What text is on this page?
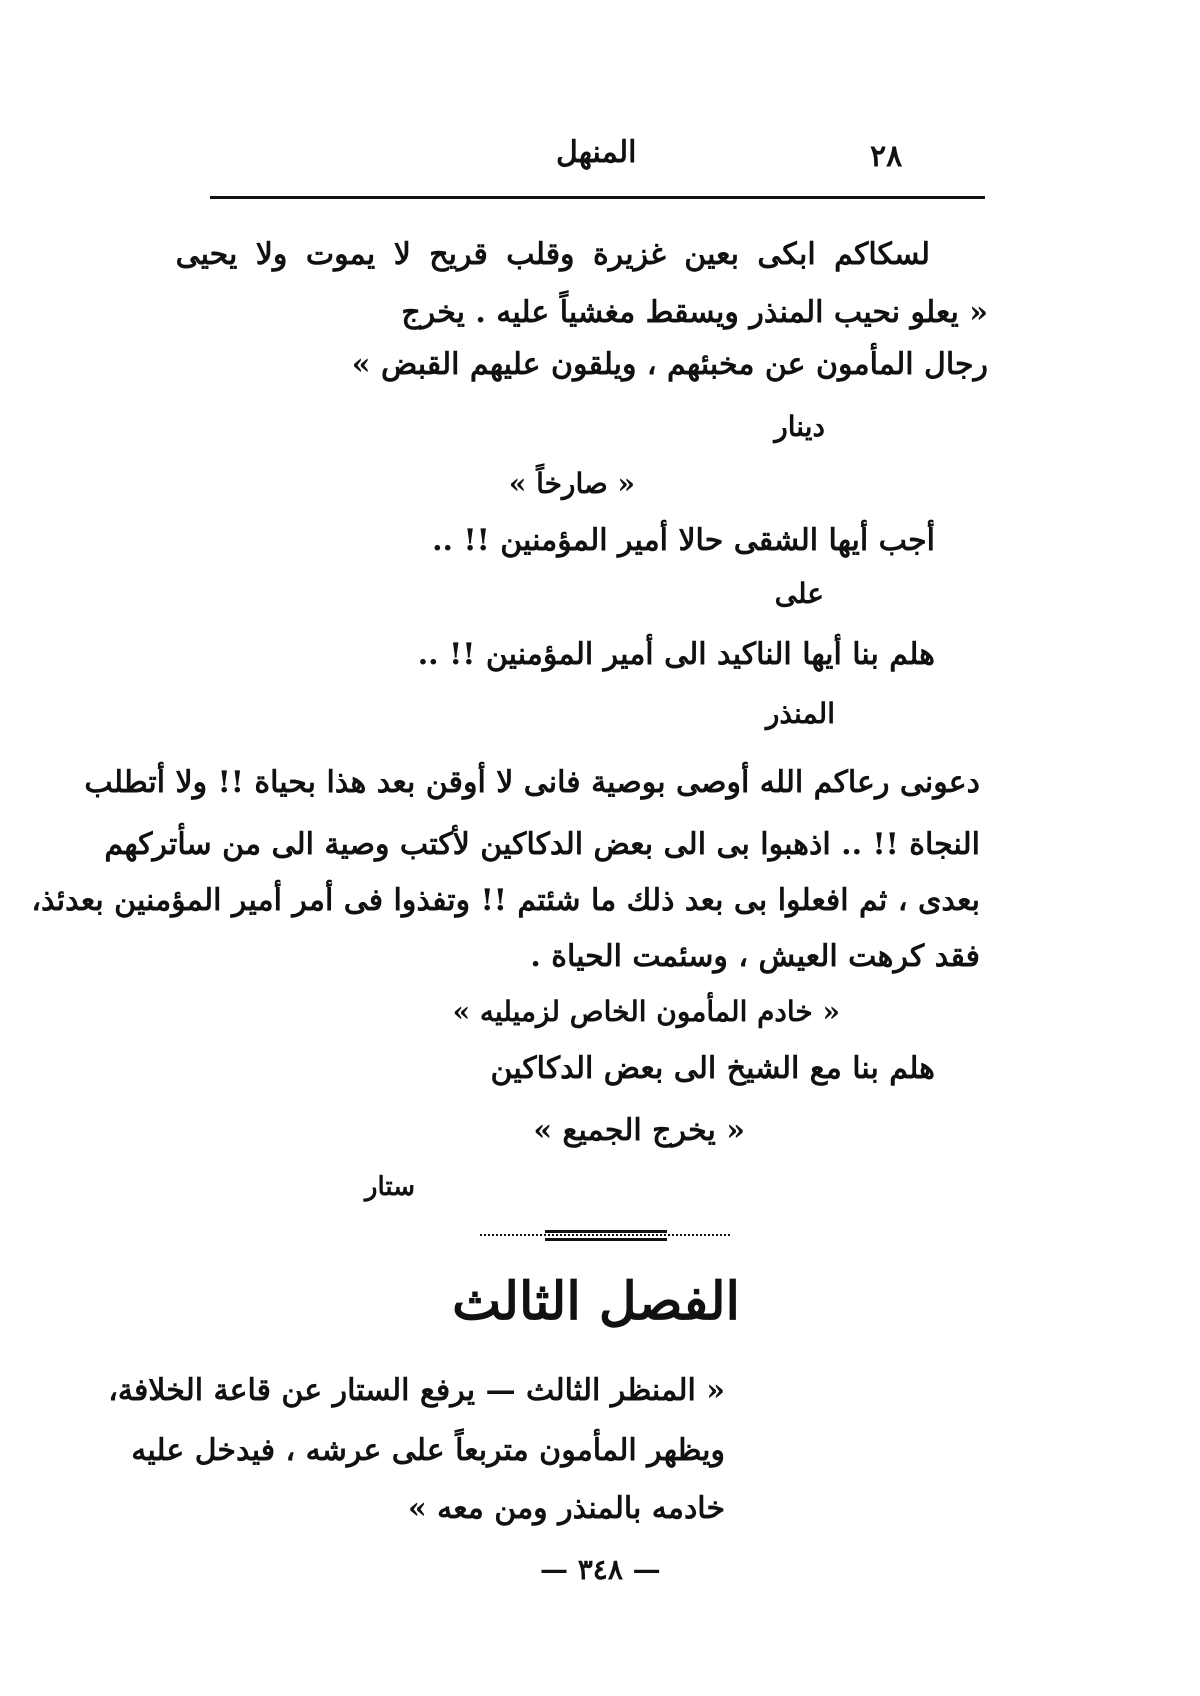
٢٨
المنهل
لسكاكم ابكى بعين غزيرة وقلب قريح لا يموت ولا يحيى
« يعلو نحيب المنذر ويسقط مغشياً عليه . يخرج
رجال المأمون عن مخبئهم ، ويلقون عليهم القبض »
دينار
« صارخاً »
أجب أيها الشقى حالا أمير المؤمنين !! ..
على
هلم بنا أيها الناكيد الى أمير المؤمنين !! ..
المنذر
دعونى رعاكم الله أوصى بوصية فانى لا أوقن بعد هذا بحياة !! ولا أتطلب
النجاة !! .. اذهبوا بى الى بعض الدكاكين لأكتب وصية الى من سأتركهم
بعدى ، ثم افعلوا بى بعد ذلك ما شئتم !! وتفذوا فى أمر أمير المؤمنين بعدئذ،
فقد كرهت العيش ، وسئمت الحياة .
« خادم المأمون الخاص لزميليه »
هلم بنا مع الشيخ الى بعض الدكاكين
« يخرج الجميع »
ستار
الفصل الثالث
« المنظر الثالث — يرفع الستار عن قاعة الخلافة،
ويظهر المأمون متربعاً على عرشه ، فيدخل عليه
خادمه بالمنذر ومن معه »
— ٣٤٨ —
